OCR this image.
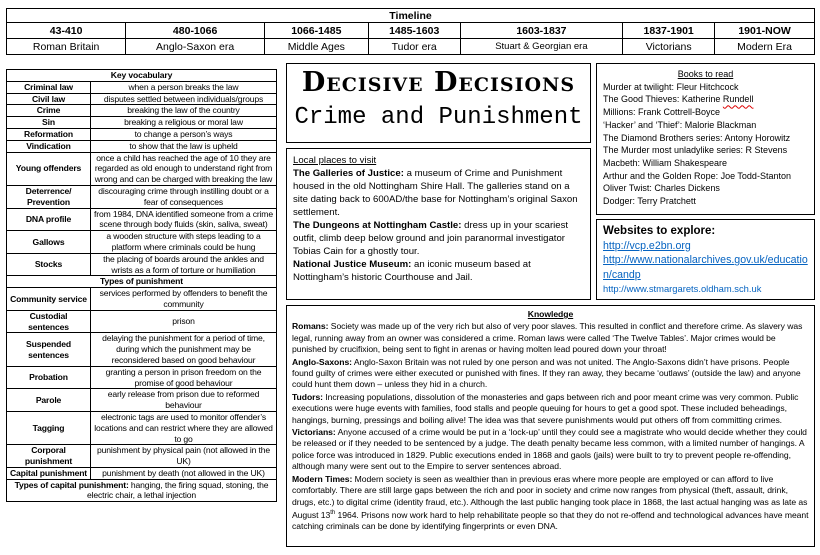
Timeline						
43-410	480-1066	1066-1485	1485-1603	1603-1837	1837-1901	1901-NOW
Roman Britain	Anglo-Saxon era	Middle Ages	Tudor era	Stuart & Georgian era	Victorians	Modern Era
Key vocabulary	
Criminal law	when a person breaks the law
Civil law	disputes settled between individuals/groups
Crime	breaking the law of the country
Sin	breaking a religious or moral law
Reformation	to change a person’s ways
Vindication	to show that the law is upheld
Young offenders	once a child has reached the age of 10 they are regarded as old enough to understand right from wrong and can be charged with breaking the law
Deterrence/ Prevention	discouraging crime through instilling doubt or a fear of consequences
DNA profile	from 1984, DNA identified someone from a crime scene through body fluids (skin, saliva, sweat)
Gallows	a wooden structure with steps leading to a platform where criminals could be hung
Stocks	the placing of boards around the ankles and wrists as a form of torture or humiliation
Types of punishment	
Community service	services performed by offenders to benefit the community
Custodial sentences	prison
Suspended sentences	delaying the punishment for a period of time, during which the punishment may be reconsidered based on good behaviour
Probation	granting a person in prison freedom on the promise of good behaviour
Parole	early release from prison due to reformed behaviour
Tagging	electronic tags are used to monitor offender’s locations and can restrict where they are allowed to go
Corporal punishment	punishment by physical pain (not allowed in the UK)
Capital punishment	punishment by death (not allowed in the UK)
Types of capital punishment: hanging, the firing squad, stoning, the electric chair, a lethal injection	
Decisive Decisions
Crime and Punishment
Local places to visit
The Galleries of Justice: a museum of Crime and Punishment housed in the old Nottingham Shire Hall. The galleries stand on a site dating back to 600AD/the base for Nottingham’s original Saxon settlement.
The Dungeons at Nottingham Castle: dress up in your scariest outfit, climb deep below ground and join paranormal investigator Tobias Cain for a ghostly tour.
National Justice Museum: an iconic museum based at Nottingham’s historic Courthouse and Jail.
Books to read
Murder at twilight: Fleur Hitchcock
The Good Thieves: Katherine Rundell
Millions: Frank Cottrell-Boyce
‘Hacker’ and ‘Thief’: Malorie Blackman
The Diamond Brothers series: Antony Horowitz
The Murder most unladylike series: R Stevens
Macbeth: William Shakespeare
Arthur and the Golden Rope: Joe Todd-Stanton
Oliver Twist: Charles Dickens
Dodger: Terry Pratchett
Websites to explore:
http://vcp.e2bn.org
http://www.nationalarchives.gov.uk/education/candp
http://www.stmargarets.oldham.sch.uk
Knowledge
Romans: Society was made up of the very rich but also of very poor slaves. This resulted in conflict and therefore crime. As slavery was legal, running away from an owner was considered a crime. Roman laws were called ‘The Twelve Tables’. Major crimes would be punished by crucifixion, being sent to fight in arenas or having molten lead poured down your throat!
Anglo-Saxons: Anglo-Saxon Britain was not ruled by one person and was not united. The Anglo-Saxons didn’t have prisons. People found guilty of crimes were either executed or punished with fines. If they ran away, they became ‘outlaws’ (outside the law) and anyone could hunt them down – unless they hid in a church.
Tudors: Increasing populations, dissolution of the monasteries and gaps between rich and poor meant crime was very common. Public executions were huge events with families, food stalls and people queuing for hours to get a good spot. These included beheadings, hangings, burning, pressings and boiling alive! The idea was that severe punishments would put others off from committing crimes.
Victorians: Anyone accused of a crime would be put in a ‘lock-up’ until they could see a magistrate who would decide whether they could be released or if they needed to be sentenced by a judge. The death penalty became less common, with a limited number of hangings. A police force was introduced in 1829. Public executions ended in 1868 and gaols (jails) were built to try to prevent people re-offending, although many were sent out to the Empire to server sentences abroad.
Modern Times: Modern society is seen as wealthier than in previous eras where more people are employed or can afford to live comfortably. There are still large gaps between the rich and poor in society and crime now ranges from physical (theft, assault, drink, drugs, etc.) to digital crime (identity fraud, etc.). Although the last public hanging took place in 1868, the last actual hanging was as late as August 13th 1964. Prisons now work hard to help rehabilitate people so that they do not re-offend and technological advances have meant catching criminals can be done by identifying fingerprints or even DNA.
